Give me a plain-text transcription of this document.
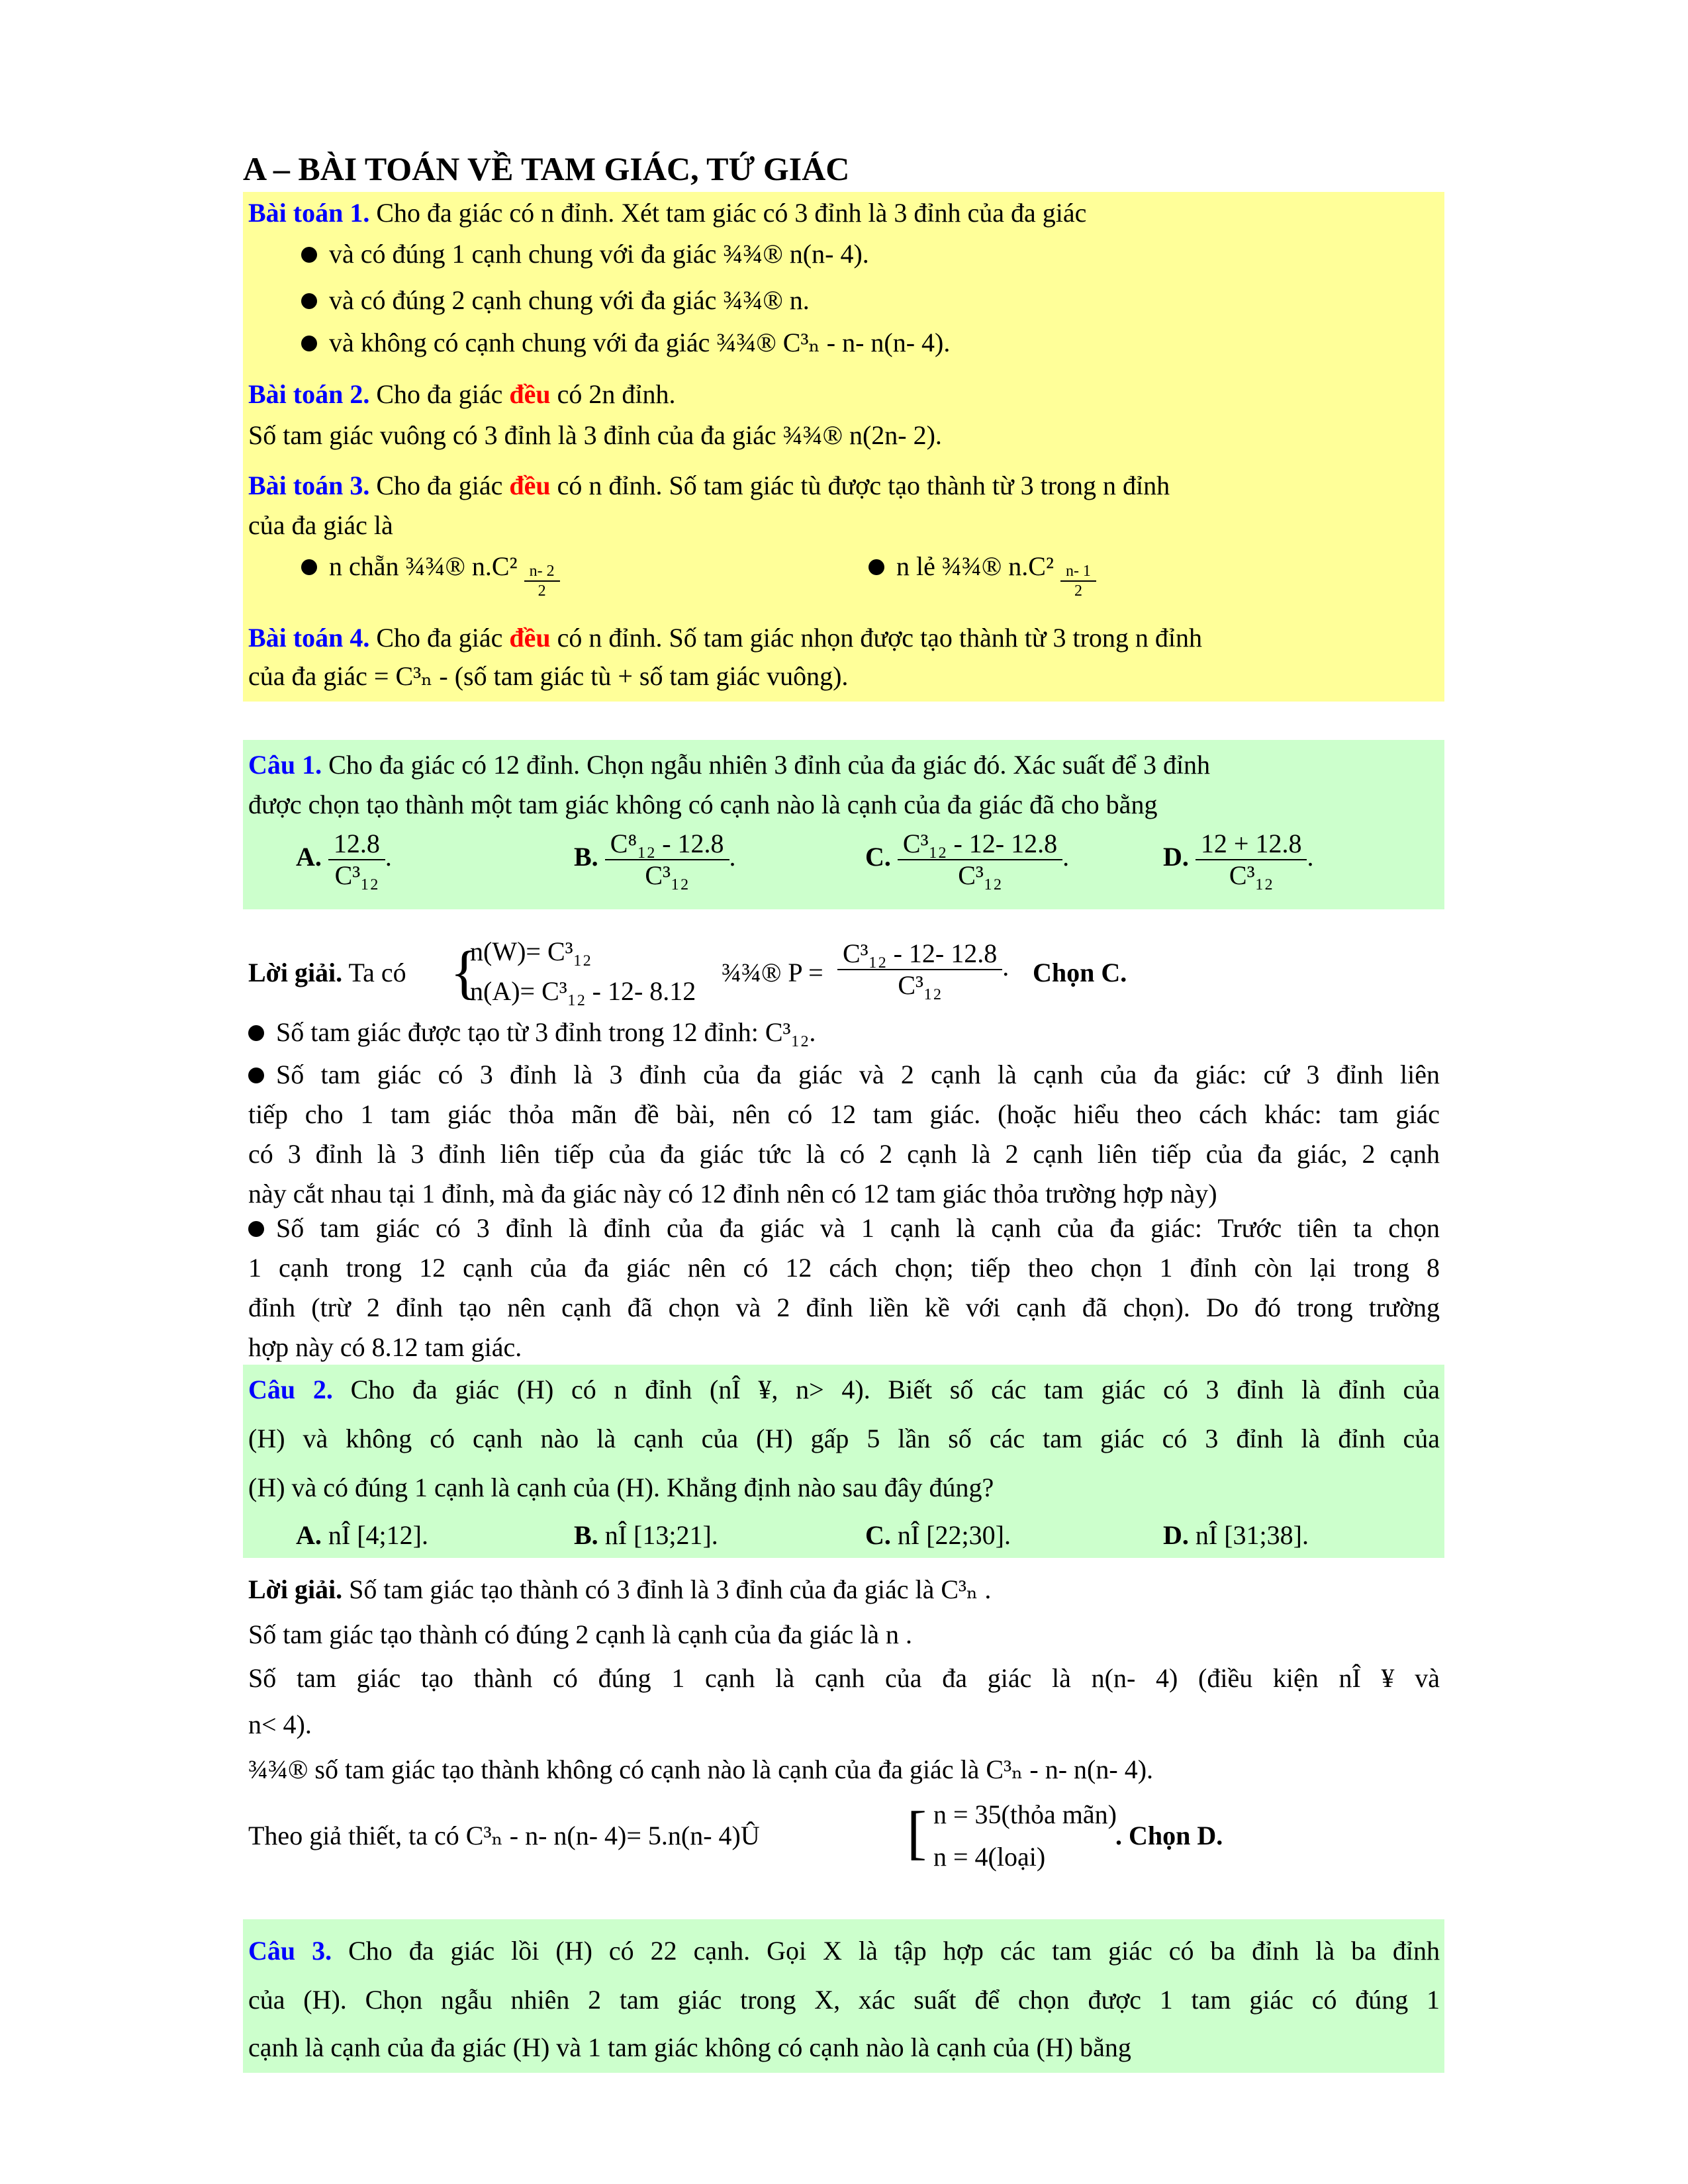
A – BÀI TOÁN VỀ TAM GIÁC, TỨ GIÁC
Bài toán 1. Cho đa giác có n đỉnh. Xét tam giác có 3 đỉnh là 3 đỉnh của đa giác
và có đúng 1 cạnh chung với đa giác ¾¾® n(n- 4).
và có đúng 2 cạnh chung với đa giác ¾¾® n.
và không có cạnh chung với đa giác ¾¾® C³ₙ - n- n(n- 4).
Bài toán 2. Cho đa giác đều có 2n đỉnh.
Số tam giác vuông có 3 đỉnh là 3 đỉnh của đa giác ¾¾® n(2n- 2).
Bài toán 3. Cho đa giác đều có n đỉnh. Số tam giác tù được tạo thành từ 3 trong n đỉnh
của đa giác là
n chẵn ¾¾® $n.C^2 \frac{n- 2}{2}$	n lẻ ¾¾® $n.C^2 \frac{n- 1}{2}$
Bài toán 4. Cho đa giác đều có n đỉnh. Số tam giác nhọn được tạo thành từ 3 trong n đỉnh
của đa giác = C³ₙ - (số tam giác tù + số tam giác vuông).
Câu 1. Cho đa giác có 12 đỉnh. Chọn ngẫu nhiên 3 đỉnh của đa giác đó. Xác suất để 3 đỉnh
được chọn tạo thành một tam giác không có cạnh nào là cạnh của đa giác đã cho bằng
A. $\frac{12.8}{\text{C³₁₂}}$ .	B. $\frac{\text{C⁸₁₂ - 12.8}}{\text{C³₁₂}}$ .	C. $\frac{\text{C³₁₂ - 12- 12.8}}{\text{C³₁₂}}$ .	D. $\frac{12 + 12.8}{\text{C³₁₂}}$ .
Lời giải. Ta có {
n(W)= C³₁₂
n(A)= C³₁₂ - 12- 8.12
¾¾® $P = \frac{\text{C³₁₂ - 12- 12.8}}{\text{C³₁₂}}$ . Chọn C.
Số tam giác được tạo từ 3 đỉnh trong 12 đỉnh: C³₁₂.
Số tam giác có 3 đỉnh là 3 đỉnh của đa giác và 2 cạnh là cạnh của đa giác: cứ 3 đỉnh liên
tiếp cho 1 tam giác thỏa mãn đề bài, nên có 12 tam giác. (hoặc hiểu theo cách khác: tam giác
có 3 đỉnh là 3 đỉnh liên tiếp của đa giác tức là có 2 cạnh là 2 cạnh liên tiếp của đa giác, 2 cạnh
này cắt nhau tại 1 đỉnh, mà đa giác này có 12 đỉnh nên có 12 tam giác thỏa trường hợp này)
Số tam giác có 3 đỉnh là đỉnh của đa giác và 1 cạnh là cạnh của đa giác: Trước tiên ta chọn
1 cạnh trong 12 cạnh của đa giác nên có 12 cách chọn; tiếp theo chọn 1 đỉnh còn lại trong 8
đỉnh (trừ 2 đỉnh tạo nên cạnh đã chọn và 2 đỉnh liền kề với cạnh đã chọn). Do đó trong trường
hợp này có 8.12 tam giác.
Câu 2. Cho đa giác (H) có n đỉnh (nÎ ¥, n> 4). Biết số các tam giác có 3 đỉnh là đỉnh của
(H) và không có cạnh nào là cạnh của (H) gấp 5 lần số các tam giác có 3 đỉnh là đỉnh của
(H) và có đúng 1 cạnh là cạnh của (H). Khẳng định nào sau đây đúng?
A. nÎ [4;12].	B. nÎ [13;21].	C. nÎ [22;30].	D. nÎ [31;38].
Lời giải. Số tam giác tạo thành có 3 đỉnh là 3 đỉnh của đa giác là C³ₙ .
Số tam giác tạo thành có đúng 2 cạnh là cạnh của đa giác là n .
Số tam giác tạo thành có đúng 1 cạnh là cạnh của đa giác là n(n- 4) (điều kiện nÎ ¥ và
n< 4).
¾¾® số tam giác tạo thành không có cạnh nào là cạnh của đa giác là C³ₙ - n- n(n- 4).
Theo giả thiết, ta có C³ₙ - n- n(n- 4)= 5.n(n- 4)Û [ n = 35(thỏa mãn)
n = 4(loại)
. Chọn D.
Câu 3. Cho đa giác lồi (H) có 22 cạnh. Gọi X là tập hợp các tam giác có ba đỉnh là ba đỉnh
của (H). Chọn ngẫu nhiên 2 tam giác trong X, xác suất để chọn được 1 tam giác có đúng 1
cạnh là cạnh của đa giác (H) và 1 tam giác không có cạnh nào là cạnh của (H) bằng
